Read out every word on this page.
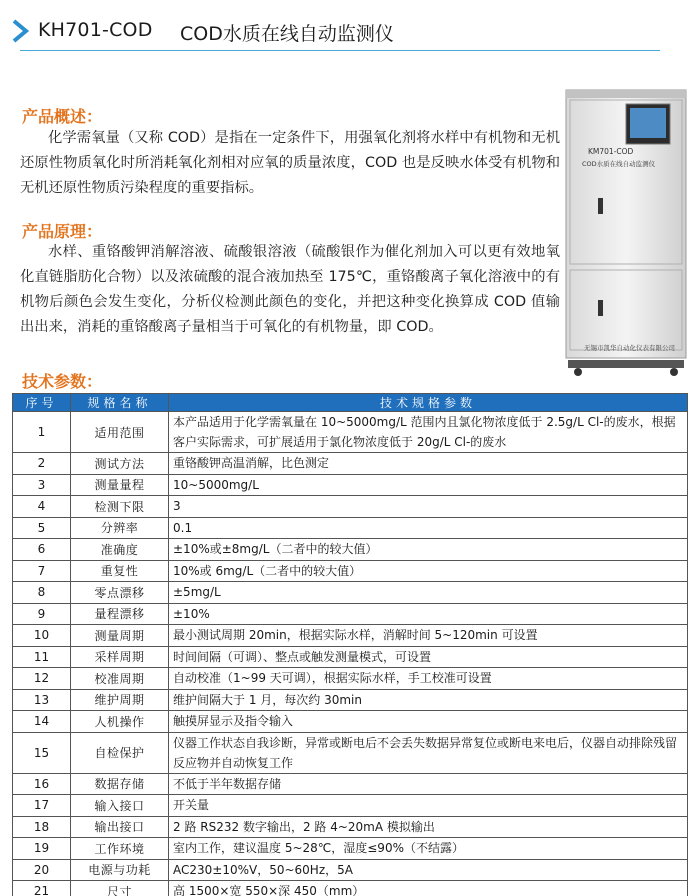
KH701-COD COD水质在线自动监测仪
产品概述：

化学需氧量（又称 COD）是指在一定条件下，用强氧化剂将水样中有机物和无机还原性物质氧化时所消耗氧化剂相对应氧的质量浓度，COD 也是反映水体受有机物和无机还原性物质污染程度的重要指标。

产品原理：

水样、重铬酸钾消解溶液、硫酸银溶液（硫酸银作为催化剂加入可以更有效地氧化直链脂肪化合物）以及浓硫酸的混合液加热至 175℃，重铬酸离子氧化溶液中的有机物后颜色会发生变化，分析仪检测此颜色的变化，并把这种变化换算成 COD 值输出出来，消耗的重铬酸离子量相当于可氧化的有机物量，即 COD。

KM701-COD
COD水质在线自动监测仪
无锡市凯华自动化仪表有限公司
技术参数：
序号	规格名称	技术规格参数
1	适用范围	本产品适用于化学需氧量在 10~5000mg/L 范围内且氯化物浓度低于 2.5g/L Cl-的废水，根据客户实际需求，可扩展适用于氯化物浓度低于 20g/L Cl-的废水
2	测试方法	重铬酸钾高温消解，比色测定
3	测量量程	10~5000mg/L
4	检测下限	3
5	分辨率	0.1
6	准确度	±10%或±8mg/L（二者中的较大值）
7	重复性	10%或 6mg/L（二者中的较大值）
8	零点漂移	±5mg/L
9	量程漂移	±10%
10	测量周期	最小测试周期 20min，根据实际水样，消解时间 5~120min 可设置
11	采样周期	时间间隔（可调）、整点或触发测量模式，可设置
12	校准周期	自动校准（1~99 天可调），根据实际水样，手工校准可设置
13	维护周期	维护间隔大于 1 月，每次约 30min
14	人机操作	触摸屏显示及指令输入
15	自检保护	仪器工作状态自我诊断，异常或断电后不会丢失数据异常复位或断电来电后，仪器自动排除残留反应物并自动恢复工作
16	数据存储	不低于半年数据存储
17	输入接口	开关量
18	输出接口	2 路 RS232 数字输出，2 路 4~20mA 模拟输出
19	工作环境	室内工作，建议温度 5~28℃，湿度≤90%（不结露）
20	电源与功耗	AC230±10%V，50~60Hz，5A
21	尺寸	高 1500×宽 550×深 450（mm）
